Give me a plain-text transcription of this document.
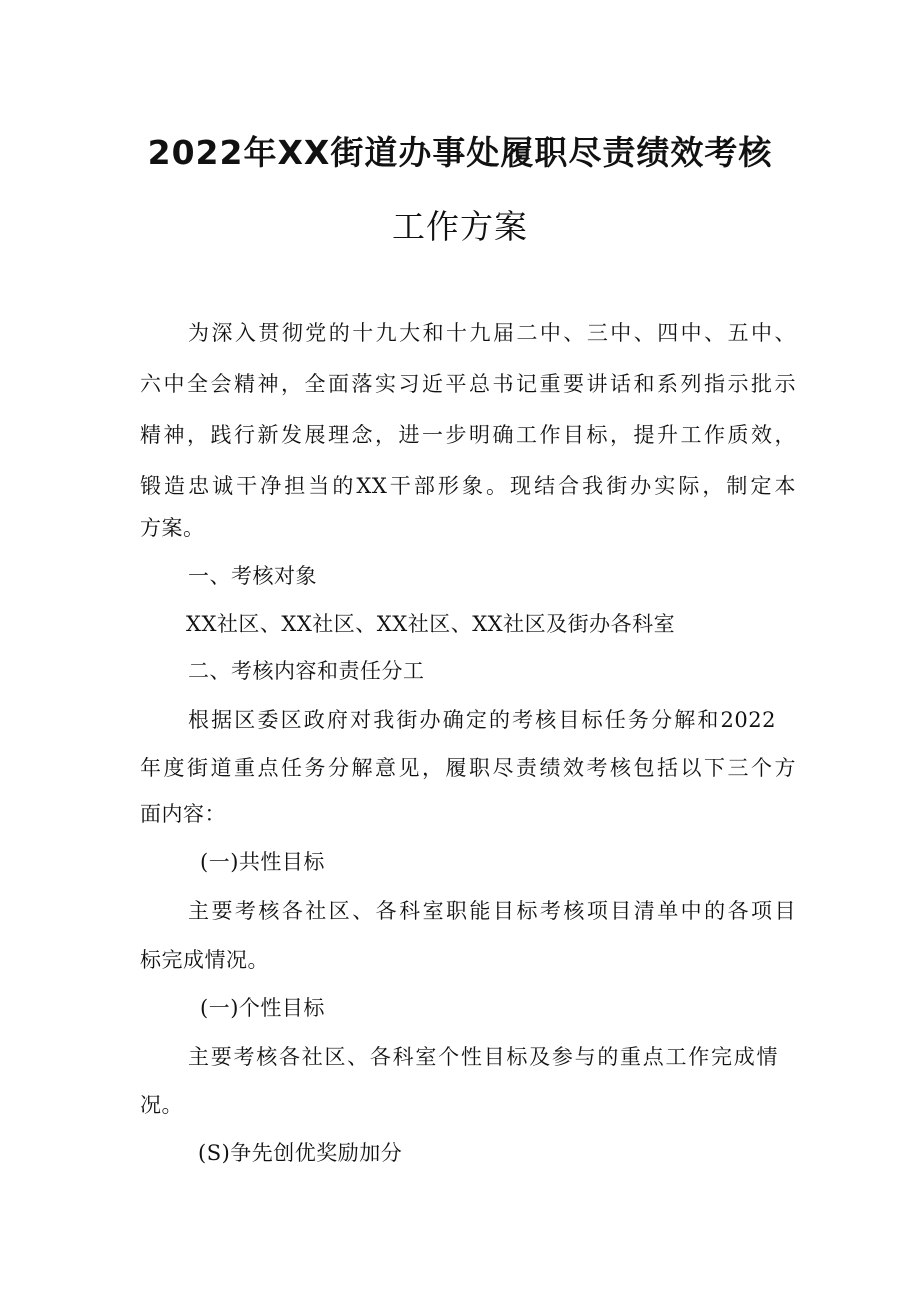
2022年XX街道办事处履职尽责绩效考核
工作方案
为深入贯彻党的十九大和十九届二中、三中、四中、五中、
六中全会精神，全面落实习近平总书记重要讲话和系列指示批示
精神，践行新发展理念，进一步明确工作目标，提升工作质效，
锻造忠诚干净担当的XX干部形象。现结合我街办实际，制定本
方案。
一、考核对象
XX社区、XX社区、XX社区、XX社区及街办各科室
二、考核内容和责任分工
根据区委区政府对我街办确定的考核目标任务分解和2022
年度街道重点任务分解意见，履职尽责绩效考核包括以下三个方
面内容：
(一)共性目标
主要考核各社区、各科室职能目标考核项目清单中的各项目
标完成情况。
(一)个性目标
主要考核各社区、各科室个性目标及参与的重点工作完成情
况。
(S)争先创优奖励加分
